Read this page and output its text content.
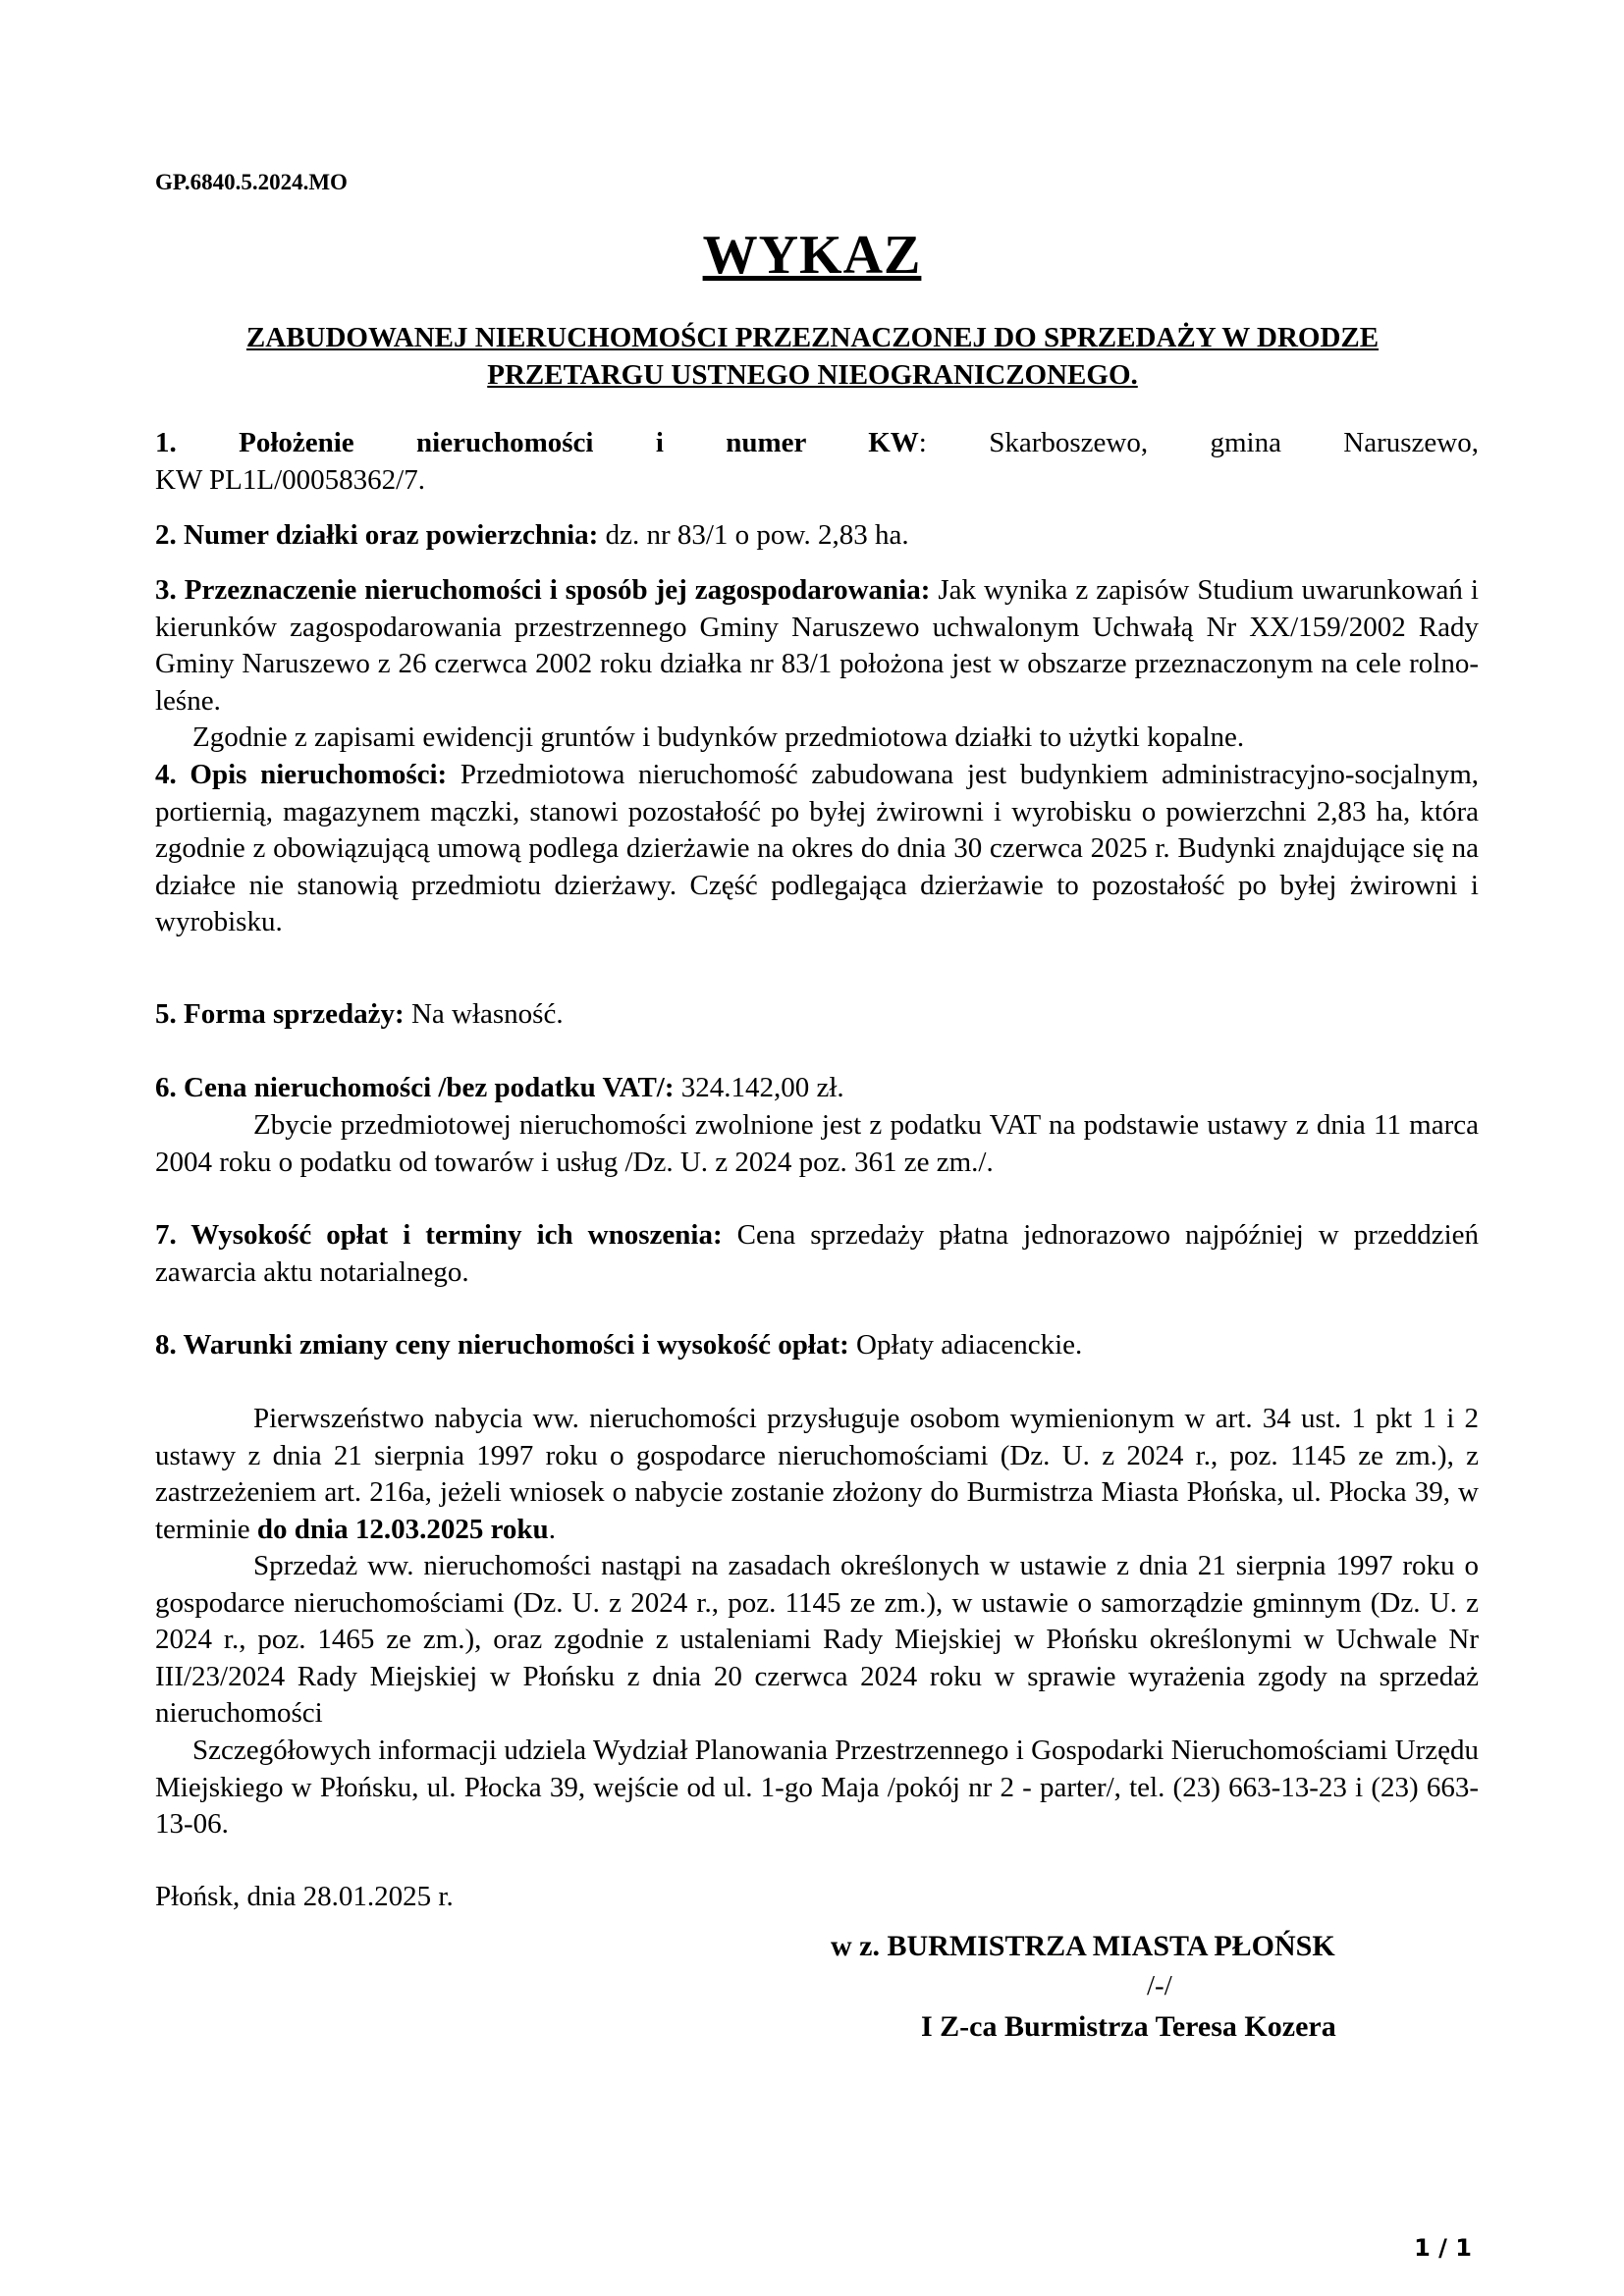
GP.6840.5.2024.MO
WYKAZ
ZABUDOWANEJ NIERUCHOMOŚCI PRZEZNACZONEJ DO SPRZEDAŻY W DRODZE
PRZETARGU USTNEGO NIEOGRANICZONEGO.
1. Położenie nieruchomości i numer KW: Skarboszewo, gmina Naruszewo,
KW PL1L/00058362/7.
2. Numer działki oraz powierzchnia: dz. nr 83/1 o pow. 2,83 ha.
3. Przeznaczenie nieruchomości i sposób jej zagospodarowania: Jak wynika z zapisów Studium uwarunkowań i kierunków zagospodarowania przestrzennego Gminy Naruszewo uchwalonym Uchwałą Nr XX/159/2002 Rady Gminy Naruszewo z 26 czerwca 2002 roku działka nr 83/1 położona jest w obszarze przeznaczonym na cele rolno-leśne.
Zgodnie z zapisami ewidencji gruntów i budynków przedmiotowa działki to użytki kopalne.
4. Opis nieruchomości: Przedmiotowa nieruchomość zabudowana jest budynkiem administracyjno-socjalnym, portiernią, magazynem mączki, stanowi pozostałość po byłej żwirowni i wyrobisku o powierzchni 2,83 ha, która zgodnie z obowiązującą umową podlega dzierżawie na okres do dnia 30 czerwca 2025 r. Budynki znajdujące się na działce nie stanowią przedmiotu dzierżawy. Część podlegająca dzierżawie to pozostałość po byłej żwirowni i wyrobisku.
5. Forma sprzedaży: Na własność.
6. Cena nieruchomości /bez podatku VAT/: 324.142,00 zł.
Zbycie przedmiotowej nieruchomości zwolnione jest z podatku VAT na podstawie ustawy z dnia 11 marca 2004 roku o podatku od towarów i usług /Dz. U. z 2024 poz. 361 ze zm./.
7. Wysokość opłat i terminy ich wnoszenia: Cena sprzedaży płatna jednorazowo najpóźniej w przeddzień zawarcia aktu notarialnego.
8. Warunki zmiany ceny nieruchomości i wysokość opłat: Opłaty adiacenckie.
Pierwszeństwo nabycia ww. nieruchomości przysługuje osobom wymienionym w art. 34 ust. 1 pkt 1 i 2 ustawy z dnia 21 sierpnia 1997 roku o gospodarce nieruchomościami (Dz. U. z 2024 r., poz. 1145 ze zm.), z zastrzeżeniem art. 216a, jeżeli wniosek o nabycie zostanie złożony do Burmistrza Miasta Płońska, ul. Płocka 39, w terminie do dnia 12.03.2025 roku.
Sprzedaż ww. nieruchomości nastąpi na zasadach określonych w ustawie z dnia 21 sierpnia 1997 roku o gospodarce nieruchomościami (Dz. U. z 2024 r., poz. 1145 ze zm.), w ustawie o samorządzie gminnym (Dz. U. z 2024 r., poz. 1465 ze zm.), oraz zgodnie z ustaleniami Rady Miejskiej w Płońsku określonymi w Uchwale Nr III/23/2024 Rady Miejskiej w Płońsku z dnia 20 czerwca 2024 roku w sprawie wyrażenia zgody na sprzedaż nieruchomości
Szczegółowych informacji udziela Wydział Planowania Przestrzennego i Gospodarki Nieruchomościami Urzędu Miejskiego w Płońsku, ul. Płocka 39, wejście od ul. 1-go Maja /pokój nr 2 - parter/, tel. (23) 663-13-23 i (23) 663-13-06.
Płońsk, dnia 28.01.2025 r.
w z. BURMISTRZA MIASTA PŁOŃSK
/-/
I Z-ca Burmistrza Teresa Kozera
1 / 1
